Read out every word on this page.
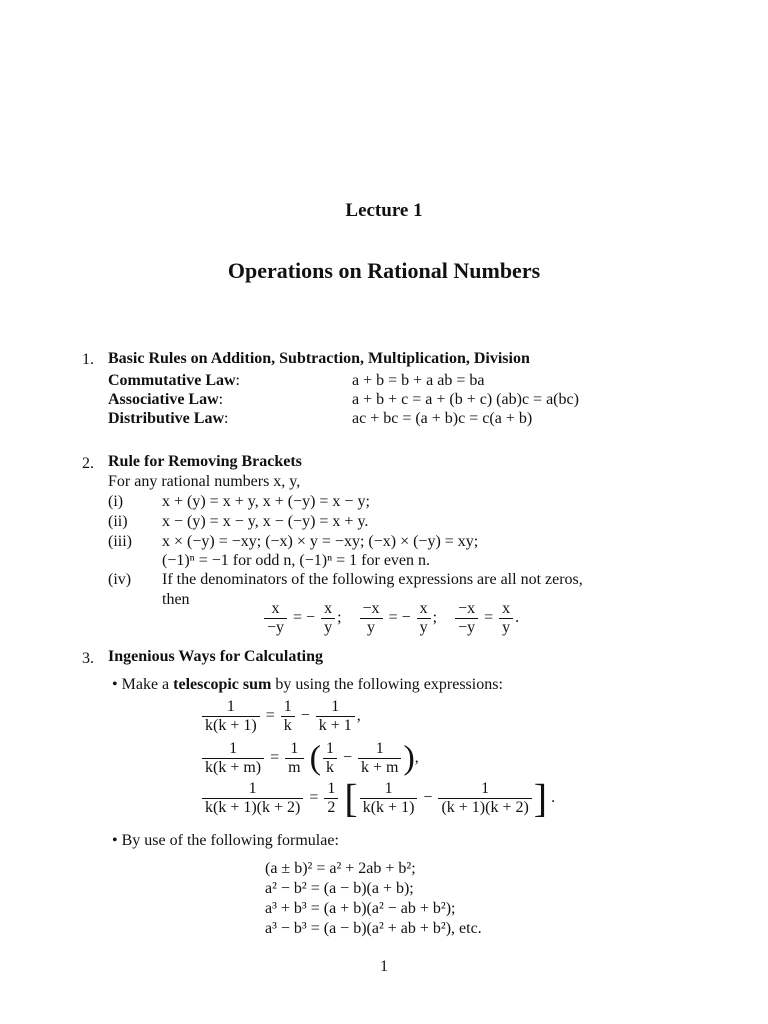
Lecture 1
Operations on Rational Numbers
1. Basic Rules on Addition, Subtraction, Multiplication, Division
Commutative Law:	a + b = b + a ab = ba
Associative Law:	a + b + c = a + (b + c) (ab)c = a(bc)
Distributive Law:	ac + bc = (a + b)c = c(a + b)
2. Rule for Removing Brackets
For any rational numbers x, y,
(i) x + (y) = x + y, x + (−y) = x − y;
(ii) x − (y) = x − y, x − (−y) = x + y.
(iii) x × (−y) = −xy; (−x) × y = −xy; (−x) × (−y) = xy;
(−1)ⁿ = −1 for odd n, (−1)ⁿ = 1 for even n.
(iv) If the denominators of the following expressions are all not zeros,
then
$\frac{x}{-y}$ = − $\frac{x}{y}$ ; $\frac{-x}{y}$ = − $\frac{x}{y}$ ; $\frac{-x}{-y} = \frac{x}{y}$ .
3. Ingenious Ways for Calculating
• Make a telescopic sum by using the following expressions:
$\frac{1}{k(k + 1)} = \frac{1}{k} - \frac{1}{k + 1}$ ,
$\frac{1}{k(k + m)} = \frac{1}{m}$ ( $\frac{1}{k} - \frac{1}{k + m}$ ),
$\frac{1}{k(k + 1)(k + 2)} = \frac{1}{2}$ [ $\frac{1}{k(k + 1)} - \frac{1}{(k + 1)(k + 2)}$ ] .
• By use of the following formulae:
(a ± b)² = a² + 2ab + b²;
a² − b² = (a − b)(a + b);
a³ + b³ = (a + b)(a² − ab + b²);
a³ − b³ = (a − b)(a² + ab + b²), etc.
1
